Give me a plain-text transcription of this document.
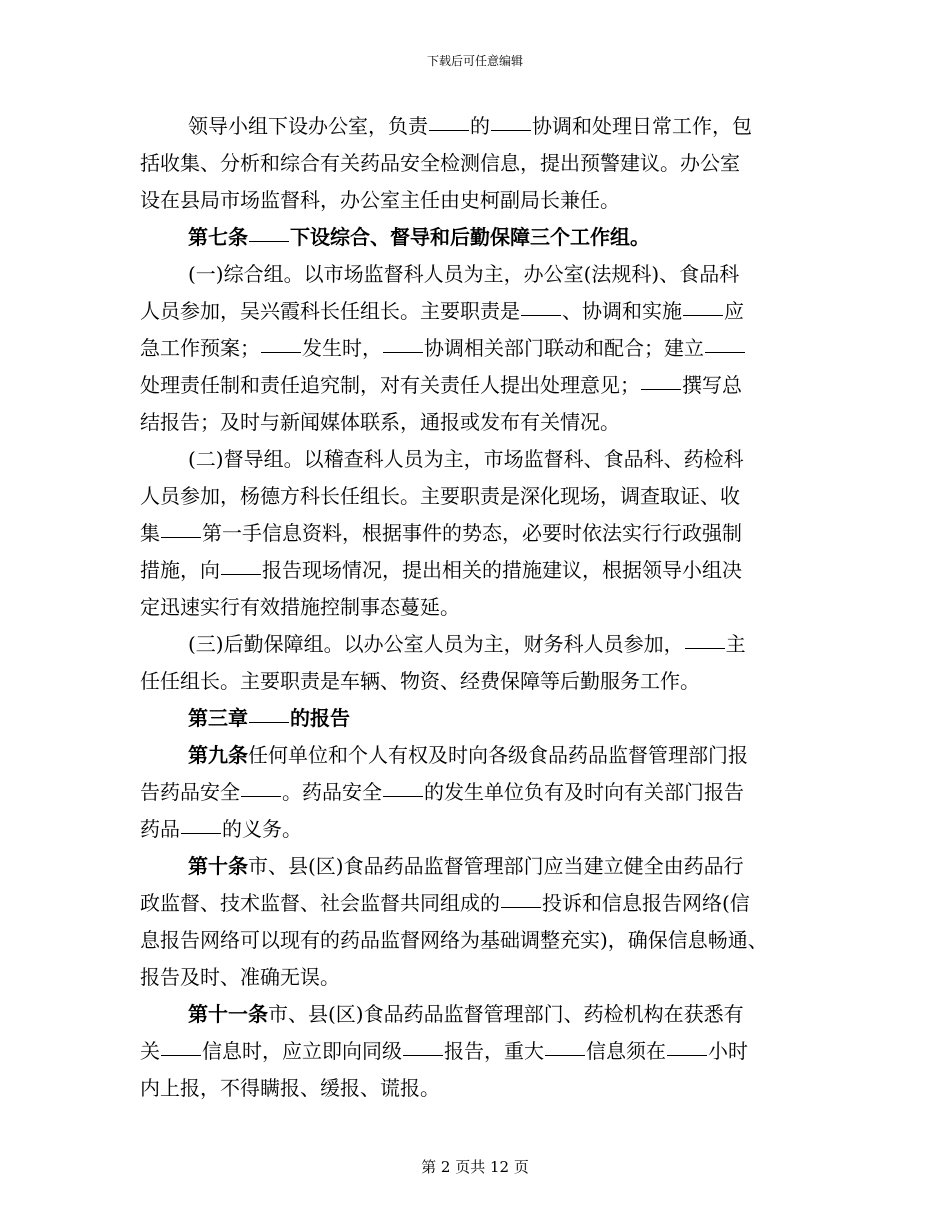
下载后可任意编辑
领导小组下设办公室，负责 的 协调和处理日常工作，包
括收集、分析和综合有关药品安全检测信息，提出预警建议。办公室
设在县局市场监督科，办公室主任由史柯副局长兼任。
第七条 下设综合、督导和后勤保障三个工作组。
(一)综合组。以市场监督科人员为主，办公室(法规科)、食品科
人员参加，吴兴霞科长任组长。主要职责是 、协调和实施 应
急工作预案； 发生时， 协调相关部门联动和配合；建立
处理责任制和责任追究制，对有关责任人提出处理意见； 撰写总
结报告；及时与新闻媒体联系，通报或发布有关情况。
(二)督导组。以稽查科人员为主，市场监督科、食品科、药检科
人员参加，杨德方科长任组长。主要职责是深化现场，调查取证、收
集 第一手信息资料，根据事件的势态，必要时依法实行行政强制
措施，向 报告现场情况，提出相关的措施建议，根据领导小组决
定迅速实行有效措施控制事态蔓延。
(三)后勤保障组。以办公室人员为主，财务科人员参加， 主
任任组长。主要职责是车辆、物资、经费保障等后勤服务工作。
第三章 的报告
第九条任何单位和个人有权及时向各级食品药品监督管理部门报
告药品安全 。药品安全 的发生单位负有及时向有关部门报告
药品 的义务。
第十条市、县(区)食品药品监督管理部门应当建立健全由药品行
政监督、技术监督、社会监督共同组成的 投诉和信息报告网络(信
息报告网络可以现有的药品监督网络为基础调整充实)，确保信息畅通、
报告及时、准确无误。
第十一条市、县(区)食品药品监督管理部门、药检机构在获悉有
关 信息时，应立即向同级 报告，重大 信息须在 小时
内上报，不得瞒报、缓报、谎报。
第 2 页共 12 页
